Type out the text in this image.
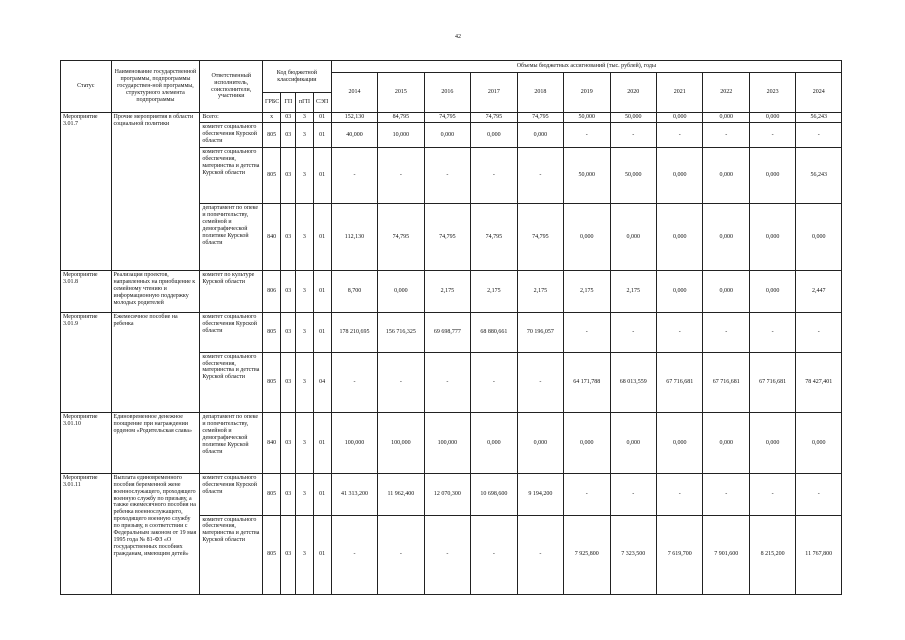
42
Статус	Наименование государственной программы, подпрограммы государствен-ной программы, структурного элемента подпрограммы	Ответственный исполнитель, соисполнители, участники	Код бюджетной классификации				Объемы бюджетных ассигнований (тыс. рублей), годы										
							2014	2015	2016	2017	2018	2019	2020	2021	2022	2023	2024
			ГРБС	ГП	пГП	СЭП											
Мероприятие 3.01.7	Прочие мероприятия в области социальной политики	Всего:	х	03	3	01	152,130	84,795	74,795	74,795	74,795	50,000	50,000	0,000	0,000	0,000	56,243
		комитет социального обеспечения Курской области	805	03	3	01	40,000	10,000	0,000	0,000	0,000	-	-	-	-	-	-
		комитет социального обеспечения, материнства и детства Курской области	805	03	3	01	-	-	-	-	-	50,000	50,000	0,000	0,000	0,000	56,243
		департамент по опеке и попечительству, семейной и демографической политике Курской области	840	03	3	01	112,130	74,795	74,795	74,795	74,795	0,000	0,000	0,000	0,000	0,000	0,000
Мероприятие 3.01.8	Реализация проектов, направленных на приобщение к семейному чтению и информационную поддержку молодых родителей	комитет по культуре Курской области	806	03	3	01	8,700	0,000	2,175	2,175	2,175	2,175	2,175	0,000	0,000	0,000	2,447
Мероприятие 3.01.9	Ежемесячное пособие на ребенка	комитет социального обеспечения Курской области	805	03	3	01	178 210,695	156 716,325	69 698,777	68 880,661	70 196,057	-	-	-	-	-	-
		комитет социального обеспечения, материнства и детства Курской области	805	03	3	04	-	-	-	-	-	64 171,788	68 013,559	67 716,681	67 716,681	67 716,681	78 427,401
Мероприятие 3.01.10	Единовременное денежное поощрение при награждении орденом «Родительская слава»	департамент по опеке и попечительству, семейной и демографической политике Курской области	840	03	3	01	100,000	100,000	100,000	0,000	0,000	0,000	0,000	0,000	0,000	0,000	0,000
Мероприятие 3.01.11	Выплата единовременного пособия беременной жене военнослужащего, проходящего военную службу по призыву, а также ежемесячного пособия на ребенка военнослужащего, проходящего военную службу по призыву, в соответствии с Федеральным законом от 19 мая 1995 года № 81-ФЗ «О государственных пособиях гражданам, имеющим детей»	комитет социального обеспечения Курской области	805	03	3	01	41 313,200	11 962,400	12 070,300	10 698,600	9 194,200	-	-	-	-	-	-
		комитет социального обеспечения, материнства и детства Курской области	805	03	3	01	-	-	-	-	-	7 925,800	7 323,500	7 619,700	7 901,600	8 215,200	11 767,800
